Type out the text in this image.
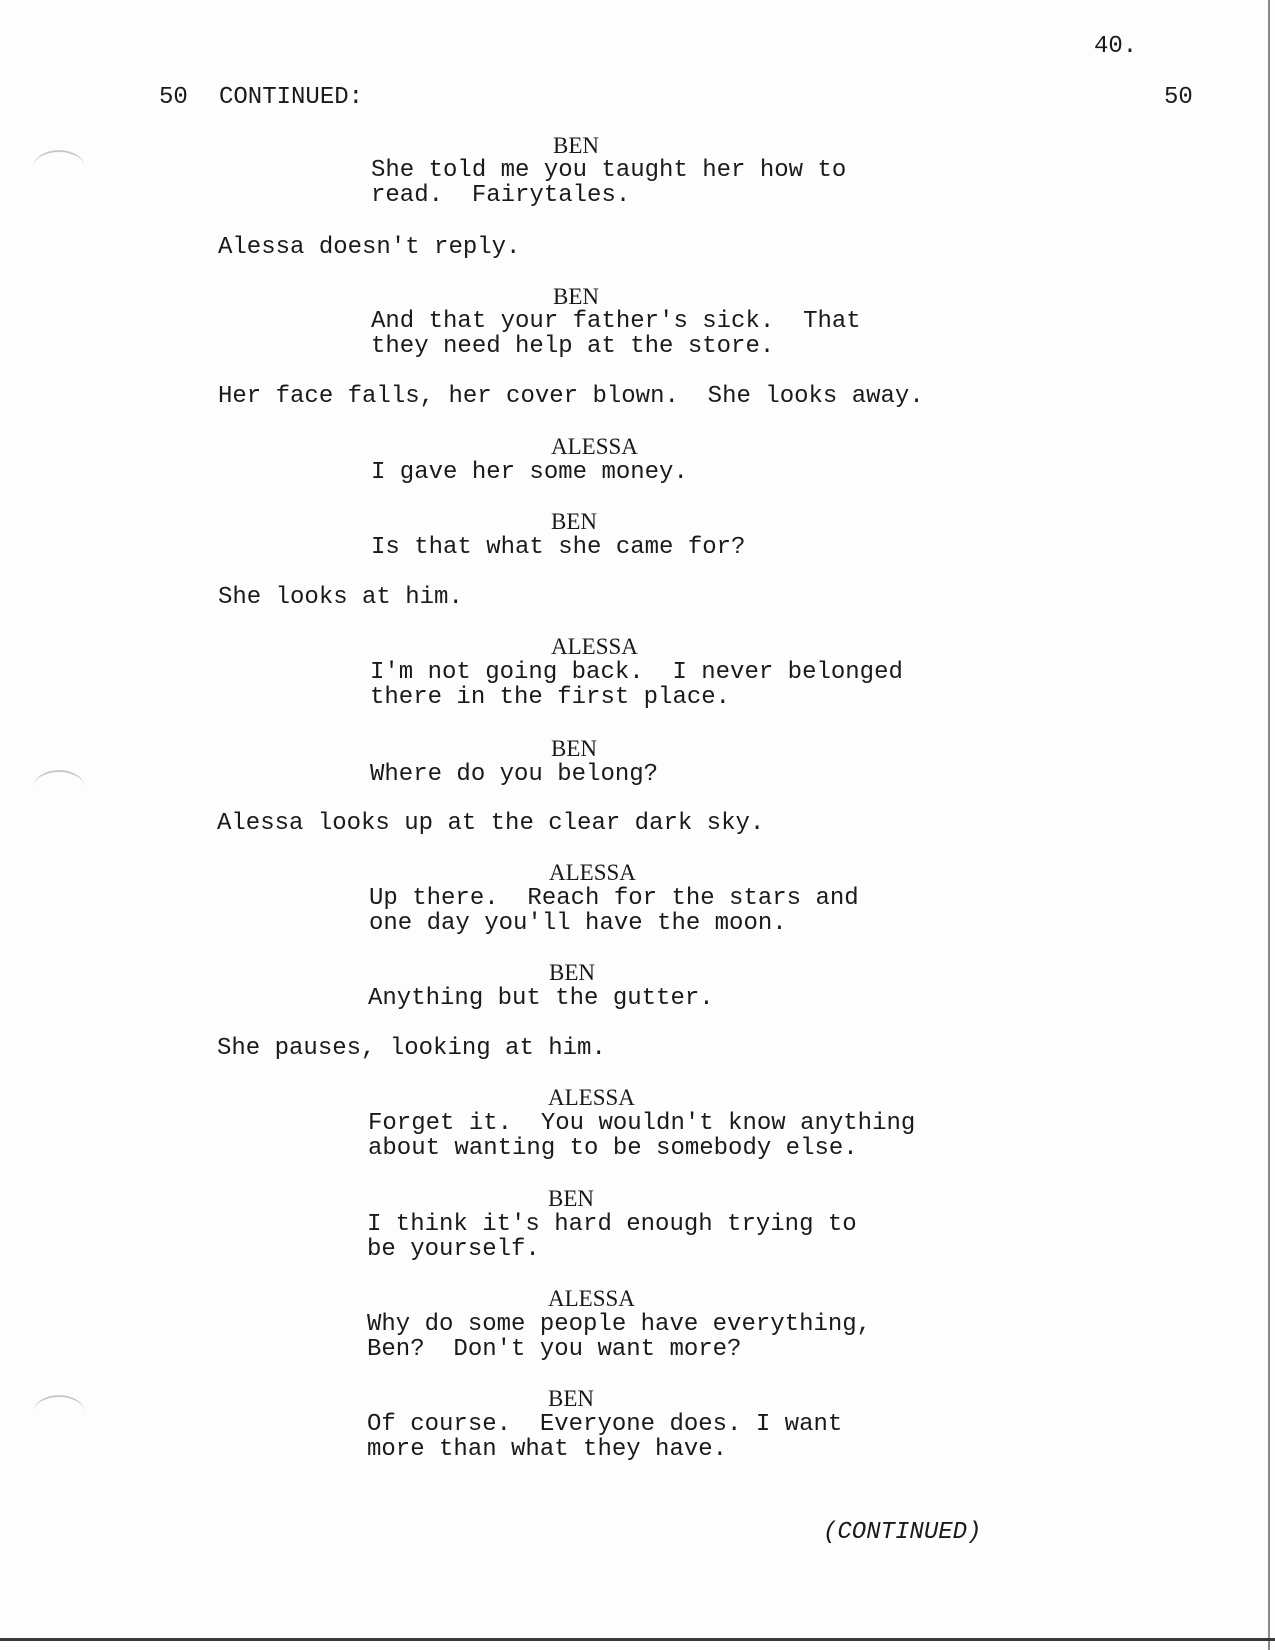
40.
50 CONTINUED:	50
BEN
She told me you taught her how to
read.  Fairytales.
Alessa doesn't reply.
BEN
And that your father's sick.  That
they need help at the store.
Her face falls, her cover blown.  She looks away.
ALESSA
I gave her some money.
BEN
Is that what she came for?
She looks at him.
ALESSA
I'm not going back.  I never belonged
there in the first place.
BEN
Where do you belong?
Alessa looks up at the clear dark sky.
ALESSA
Up there.  Reach for the stars and
one day you'll have the moon.
BEN
Anything but the gutter.
She pauses, looking at him.
ALESSA
Forget it.  You wouldn't know anything
about wanting to be somebody else.
BEN
I think it's hard enough trying to
be yourself.
ALESSA
Why do some people have everything,
Ben?  Don't you want more?
BEN
Of course.  Everyone does. I want
more than what they have.
(CONTINUED)
